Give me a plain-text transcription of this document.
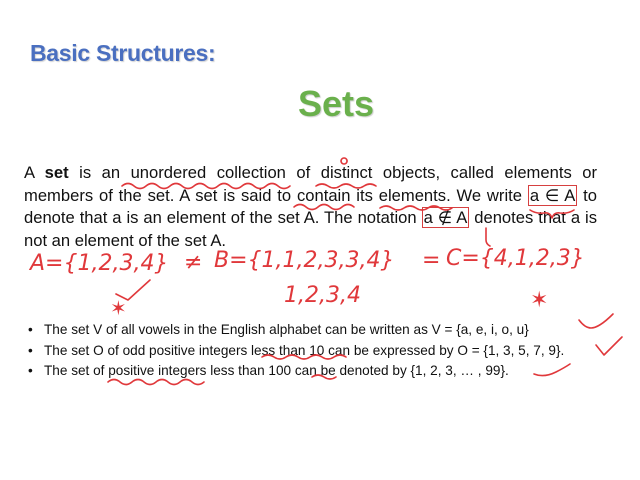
Basic Structures:
Sets
A set is an unordered collection of distinct objects, called elements or members of the set. A set is said to contain its elements. We write a ∈ A to denote that a is an element of the set A. The notation a ∉ A denotes that a is not an element of the set A.
• The set V of all vowels in the English alphabet can be written as V = {a, e, i, o, u}
• The set O of odd positive integers less than 10 can be expressed by O = {1, 3, 5, 7, 9}.
• The set of positive integers less than 100 can be denoted by {1, 2, 3, … , 99}.
A={1,2,3,4} ≠ B={1,1,2,3,3,4} = C={4,1,2,3}
1,2,3,4
✶	✶
